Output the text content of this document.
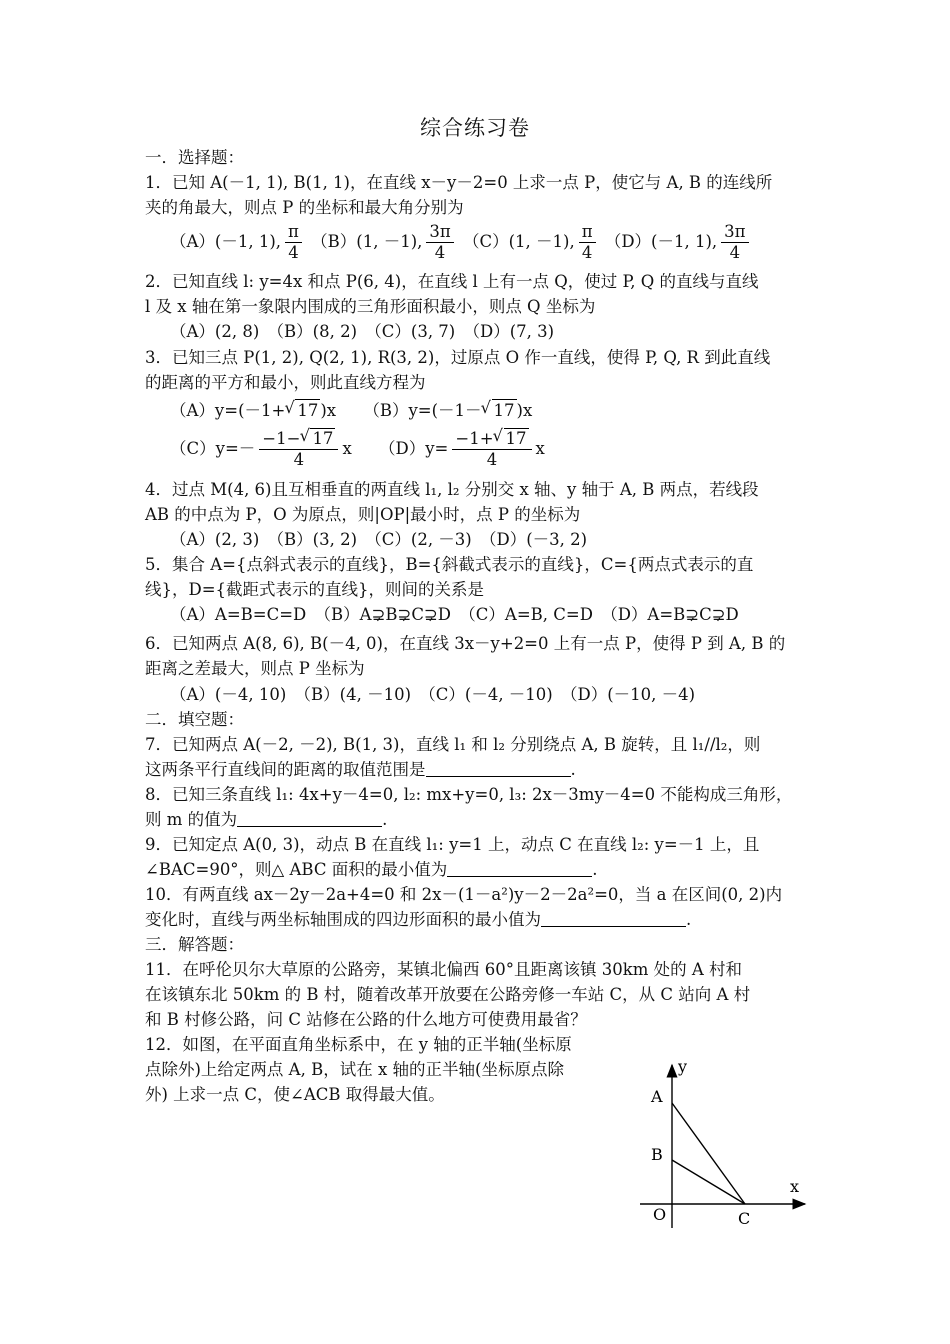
综合练习卷
一．选择题：
1．已知 A(－1, 1), B(1, 1)，在直线 x－y－2=0 上求一点 P，使它与 A, B 的连线所
夹的角最大，则点 P 的坐标和最大角分别为
（A）(－1, 1), $\frac{\pi}{4} (B)(1$, －1), $\frac{3\pi}{4} (C)(1$, －1), $\frac{\pi}{4} (D)(-1$, 1), $\frac{3\pi}{4}$
2．已知直线 l: y=4x 和点 P(6, 4)，在直线 l 上有一点 Q，使过 P, Q 的直线与直线
l 及 x 轴在第一象限内围成的三角形面积最小，则点 Q 坐标为
（A）(2, 8)　（B）(8, 2)　（C）(3, 7)　（D）(7, 3)
3．已知三点 P(1, 2), Q(2, 1), R(3, 2)，过原点 O 作一直线，使得 P, Q, R 到此直线
的距离的平方和最小，则此直线方程为
（A）y=(－1+ √ 17 )x （B）y=(－1－ √ 17 )x
$(C)y=- \frac{-1- √ 17}{4}$ x $(D)y= \frac{-1+ √ 17}{4}$ x
4．过点 M(4, 6)且互相垂直的两直线 l₁, l₂ 分别交 x 轴、y 轴于 A, B 两点，若线段
AB 的中点为 P，O 为原点，则|OP|最小时，点 P 的坐标为
（A）(2, 3)　（B）(3, 2)　（C）(2, －3)　（D）(－3, 2)
5．集合 A={点斜式表示的直线}，B={斜截式表示的直线}，C={两点式表示的直
线}，D={截距式表示的直线}，则间的关系是
（A）A=B=C=D　（B）A⊋B⊋C⊋D　（C）A=B, C=D　（D）A=B⊋C⊋D
6．已知两点 A(8, 6), B(－4, 0)，在直线 3x－y+2=0 上有一点 P，使得 P 到 A, B 的
距离之差最大，则点 P 坐标为
（A）(－4, 10)　（B）(4, －10)　（C）(－4, －10)　（D）(－10, －4)
二．填空题：
7．已知两点 A(－2, －2), B(1, 3)，直线 l₁ 和 l₂ 分别绕点 A, B 旋转，且 l₁//l₂，则
这两条平行直线间的距离的取值范围是	.
8．已知三条直线 l₁: 4x+y－4=0, l₂: mx+y=0, l₃: 2x－3my－4=0 不能构成三角形，
则 m 的值为	.
9．已知定点 A(0, 3)，动点 B 在直线 l₁: y=1 上，动点 C 在直线 l₂: y=－1 上，且
∠BAC=90°，则△ ABC 面积的最小值为	.
10．有两直线 ax－2y－2a+4=0 和 2x－(1－a²)y－2－2a²=0，当 a 在区间(0, 2)内
变化时，直线与两坐标轴围成的四边形面积的最小值为	.
三．解答题：
11．在呼伦贝尔大草原的公路旁，某镇北偏西 60°且距离该镇 30km 处的 A 村和
在该镇东北 50km 的 B 村，随着改革开放要在公路旁修一车站 C，从 C 站向 A 村
和 B 村修公路，问 C 站修在公路的什么地方可使费用最省？
12．如图，在平面直角坐标系中，在 y 轴的正半轴(坐标原
点除外)上给定两点 A, B，试在 x 轴的正半轴(坐标原点除
外) 上求一点 C，使∠ACB 取得最大值。
y
x
A
B
O	C
